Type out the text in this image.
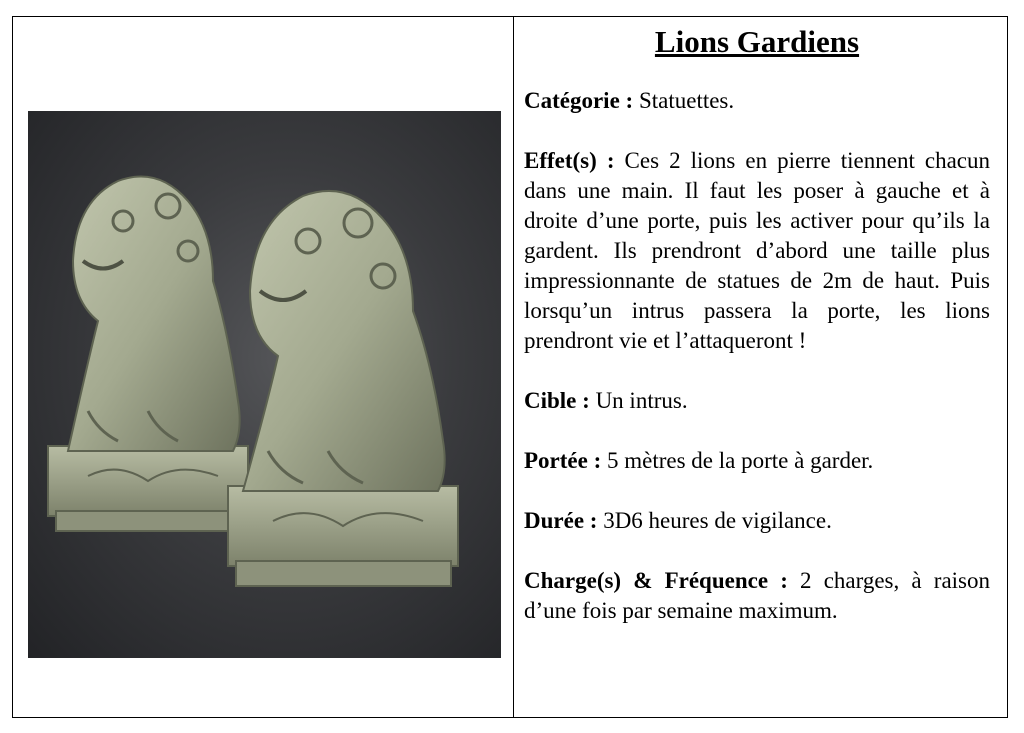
Lions Gardiens

Catégorie : Statuettes.

Effet(s) : Ces 2 lions en pierre tiennent chacun dans une main. Il faut les poser à gauche et à droite d’une porte, puis les activer pour qu’ils la gardent. Ils prendront d’abord une taille plus impressionnante de statues de 2m de haut. Puis lorsqu’un intrus passera la porte, les lions prendront vie et l’attaqueront !

Cible : Un intrus.

Portée : 5 mètres de la porte à garder.

Durée : 3D6 heures de vigilance.

Charge(s) & Fréquence : 2 charges, à raison d’une fois par semaine maximum.
